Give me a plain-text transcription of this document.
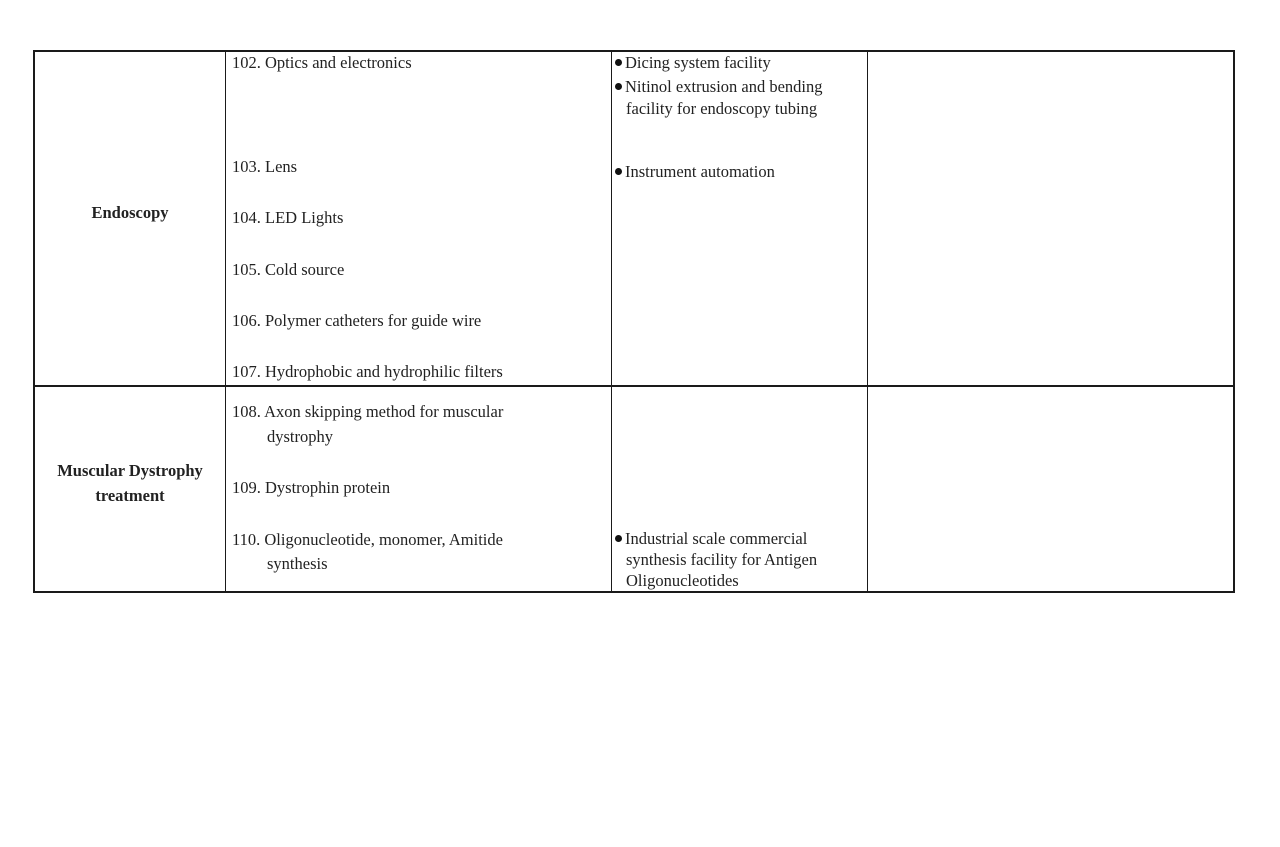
Endoscopy
102. Optics and electronics
103. Lens
104. LED Lights
105. Cold source
106. Polymer catheters for guide wire
107. Hydrophobic and hydrophilic filters
Dicing system facility
Nitinol extrusion and bending
facility for endoscopy tubing
Instrument automation
Muscular Dystrophy
treatment
108. Axon skipping method for muscular
dystrophy
109. Dystrophin protein
110. Oligonucleotide, monomer, Amitide
synthesis
Industrial scale commercial
synthesis facility for Antigen
Oligonucleotides
